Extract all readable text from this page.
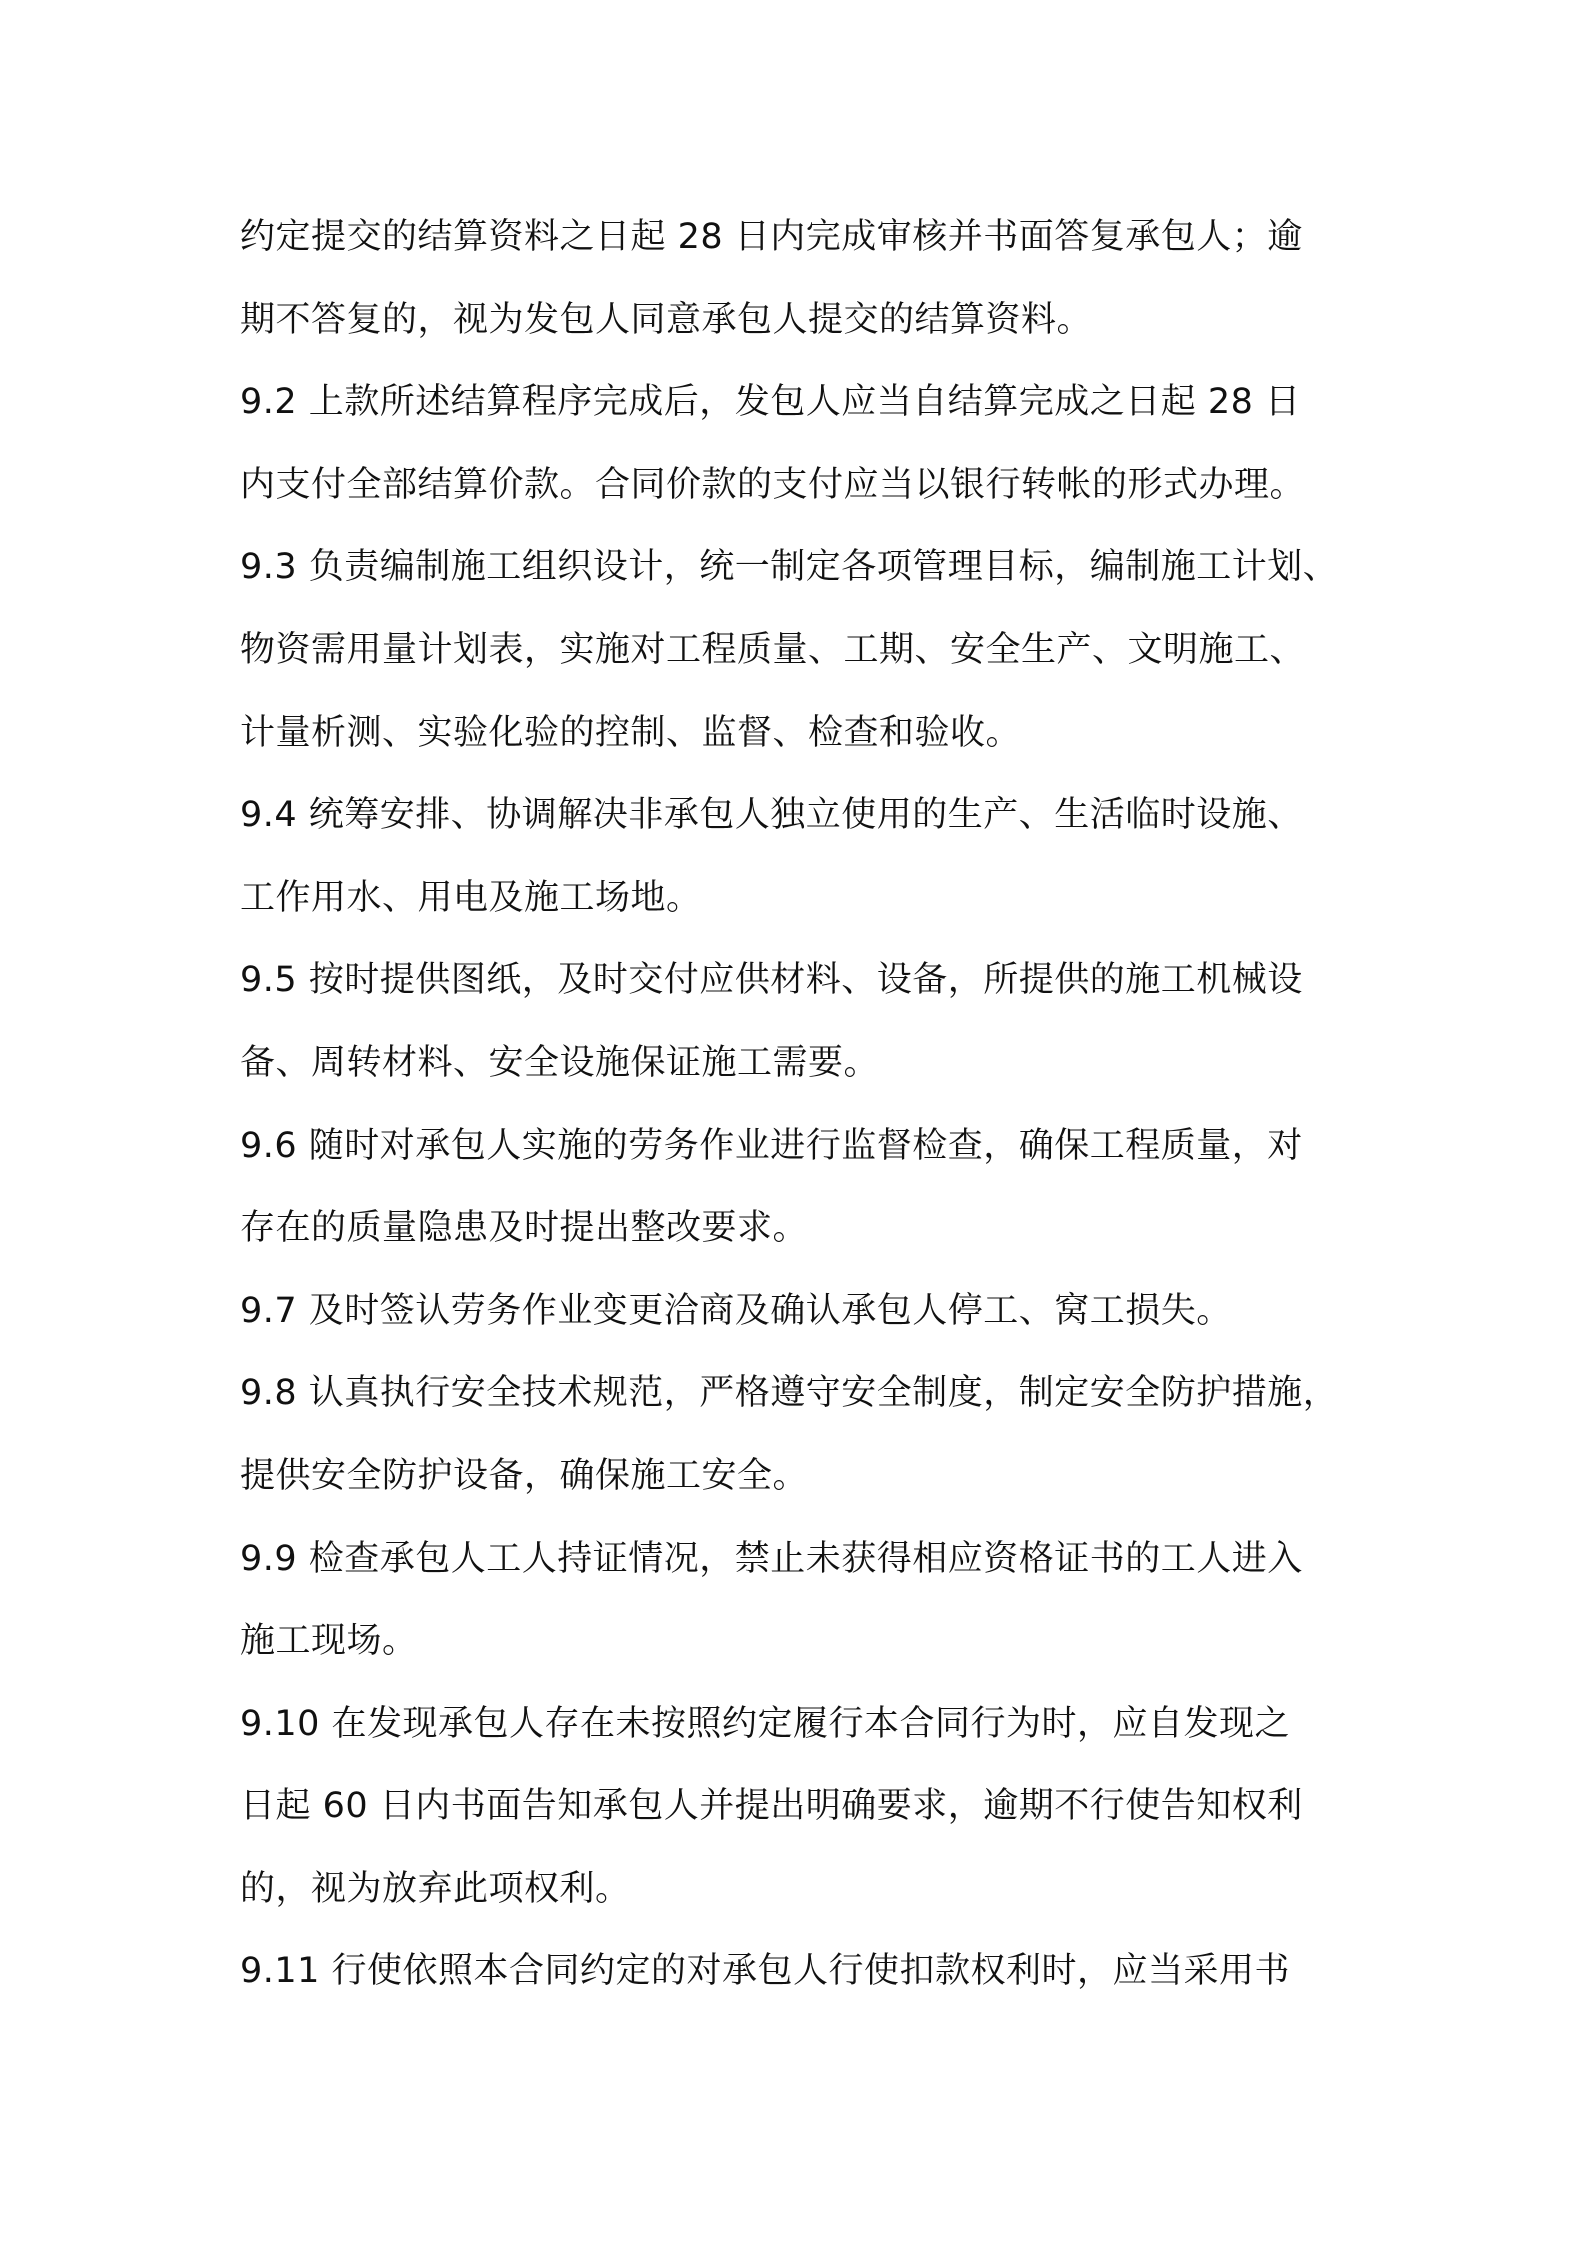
约定提交的结算资料之日起 28 日内完成审核并书面答复承包人；逾
期不答复的，视为发包人同意承包人提交的结算资料。
9.2 上款所述结算程序完成后，发包人应当自结算完成之日起 28 日
内支付全部结算价款。合同价款的支付应当以银行转帐的形式办理。
9.3 负责编制施工组织设计，统一制定各项管理目标，编制施工计划、
物资需用量计划表，实施对工程质量、工期、安全生产、文明施工、
计量析测、实验化验的控制、监督、检查和验收。
9.4 统筹安排、协调解决非承包人独立使用的生产、生活临时设施、
工作用水、用电及施工场地。
9.5 按时提供图纸，及时交付应供材料、设备，所提供的施工机械设
备、周转材料、安全设施保证施工需要。
9.6 随时对承包人实施的劳务作业进行监督检查，确保工程质量，对
存在的质量隐患及时提出整改要求。
9.7 及时签认劳务作业变更洽商及确认承包人停工、窝工损失。
9.8 认真执行安全技术规范，严格遵守安全制度，制定安全防护措施，
提供安全防护设备，确保施工安全。
9.9 检查承包人工人持证情况，禁止未获得相应资格证书的工人进入
施工现场。
9.10 在发现承包人存在未按照约定履行本合同行为时，应自发现之
日起 60 日内书面告知承包人并提出明确要求，逾期不行使告知权利
的，视为放弃此项权利。
9.11 行使依照本合同约定的对承包人行使扣款权利时，应当采用书
